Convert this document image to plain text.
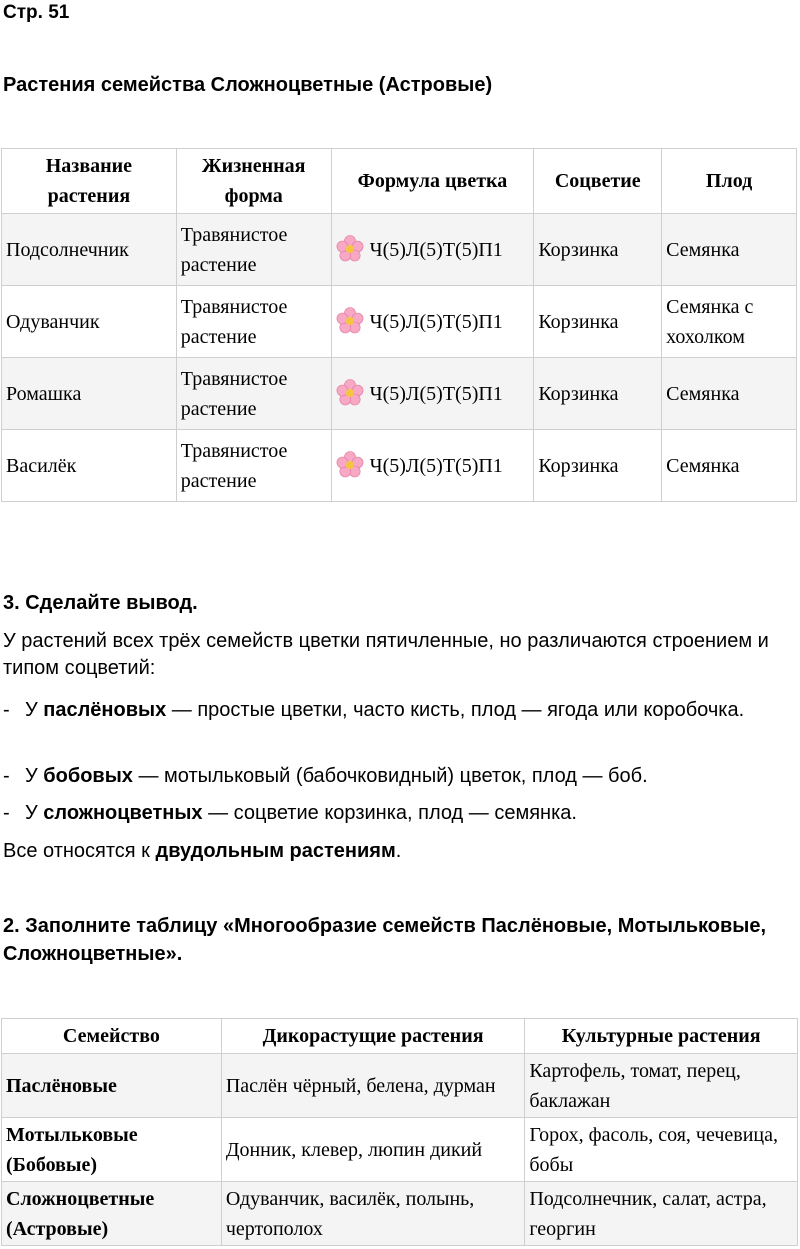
Стр. 51
Растения семейства Сложноцветные (Астровые)
Название растения	Жизненная форма	Формула цветка	Соцветие	Плод
Подсолнечник	Травянистое растение	Ч(5)Л(5)Т(5)П1	Корзинка	Семянка
Одуванчик	Травянистое растение	Ч(5)Л(5)Т(5)П1	Корзинка	Семянка с хохолком
Ромашка	Травянистое растение	Ч(5)Л(5)Т(5)П1	Корзинка	Семянка
Василёк	Травянистое растение	Ч(5)Л(5)Т(5)П1	Корзинка	Семянка
3. Сделайте вывод.
У растений всех трёх семейств цветки пятичленные, но различаются строением и типом соцветий:
- У паслёновых — простые цветки, часто кисть, плод — ягода или коробочка.
- У бобовых — мотыльковый (бабочковидный) цветок, плод — боб.
- У сложноцветных — соцветие корзинка, плод — семянка.
Все относятся к двудольным растениям.
2. Заполните таблицу «Многообразие семейств Паслёновые, Мотыльковые, Сложноцветные».
Семейство	Дикорастущие растения	Культурные растения
Паслёновые	Паслён чёрный, белена, дурман	Картофель, томат, перец, баклажан
Мотыльковые (Бобовые)	Донник, клевер, люпин дикий	Горох, фасоль, соя, чечевица, бобы
Сложноцветные (Астровые)	Одуванчик, василёк, полынь, чертополох	Подсолнечник, салат, астра, георгин
